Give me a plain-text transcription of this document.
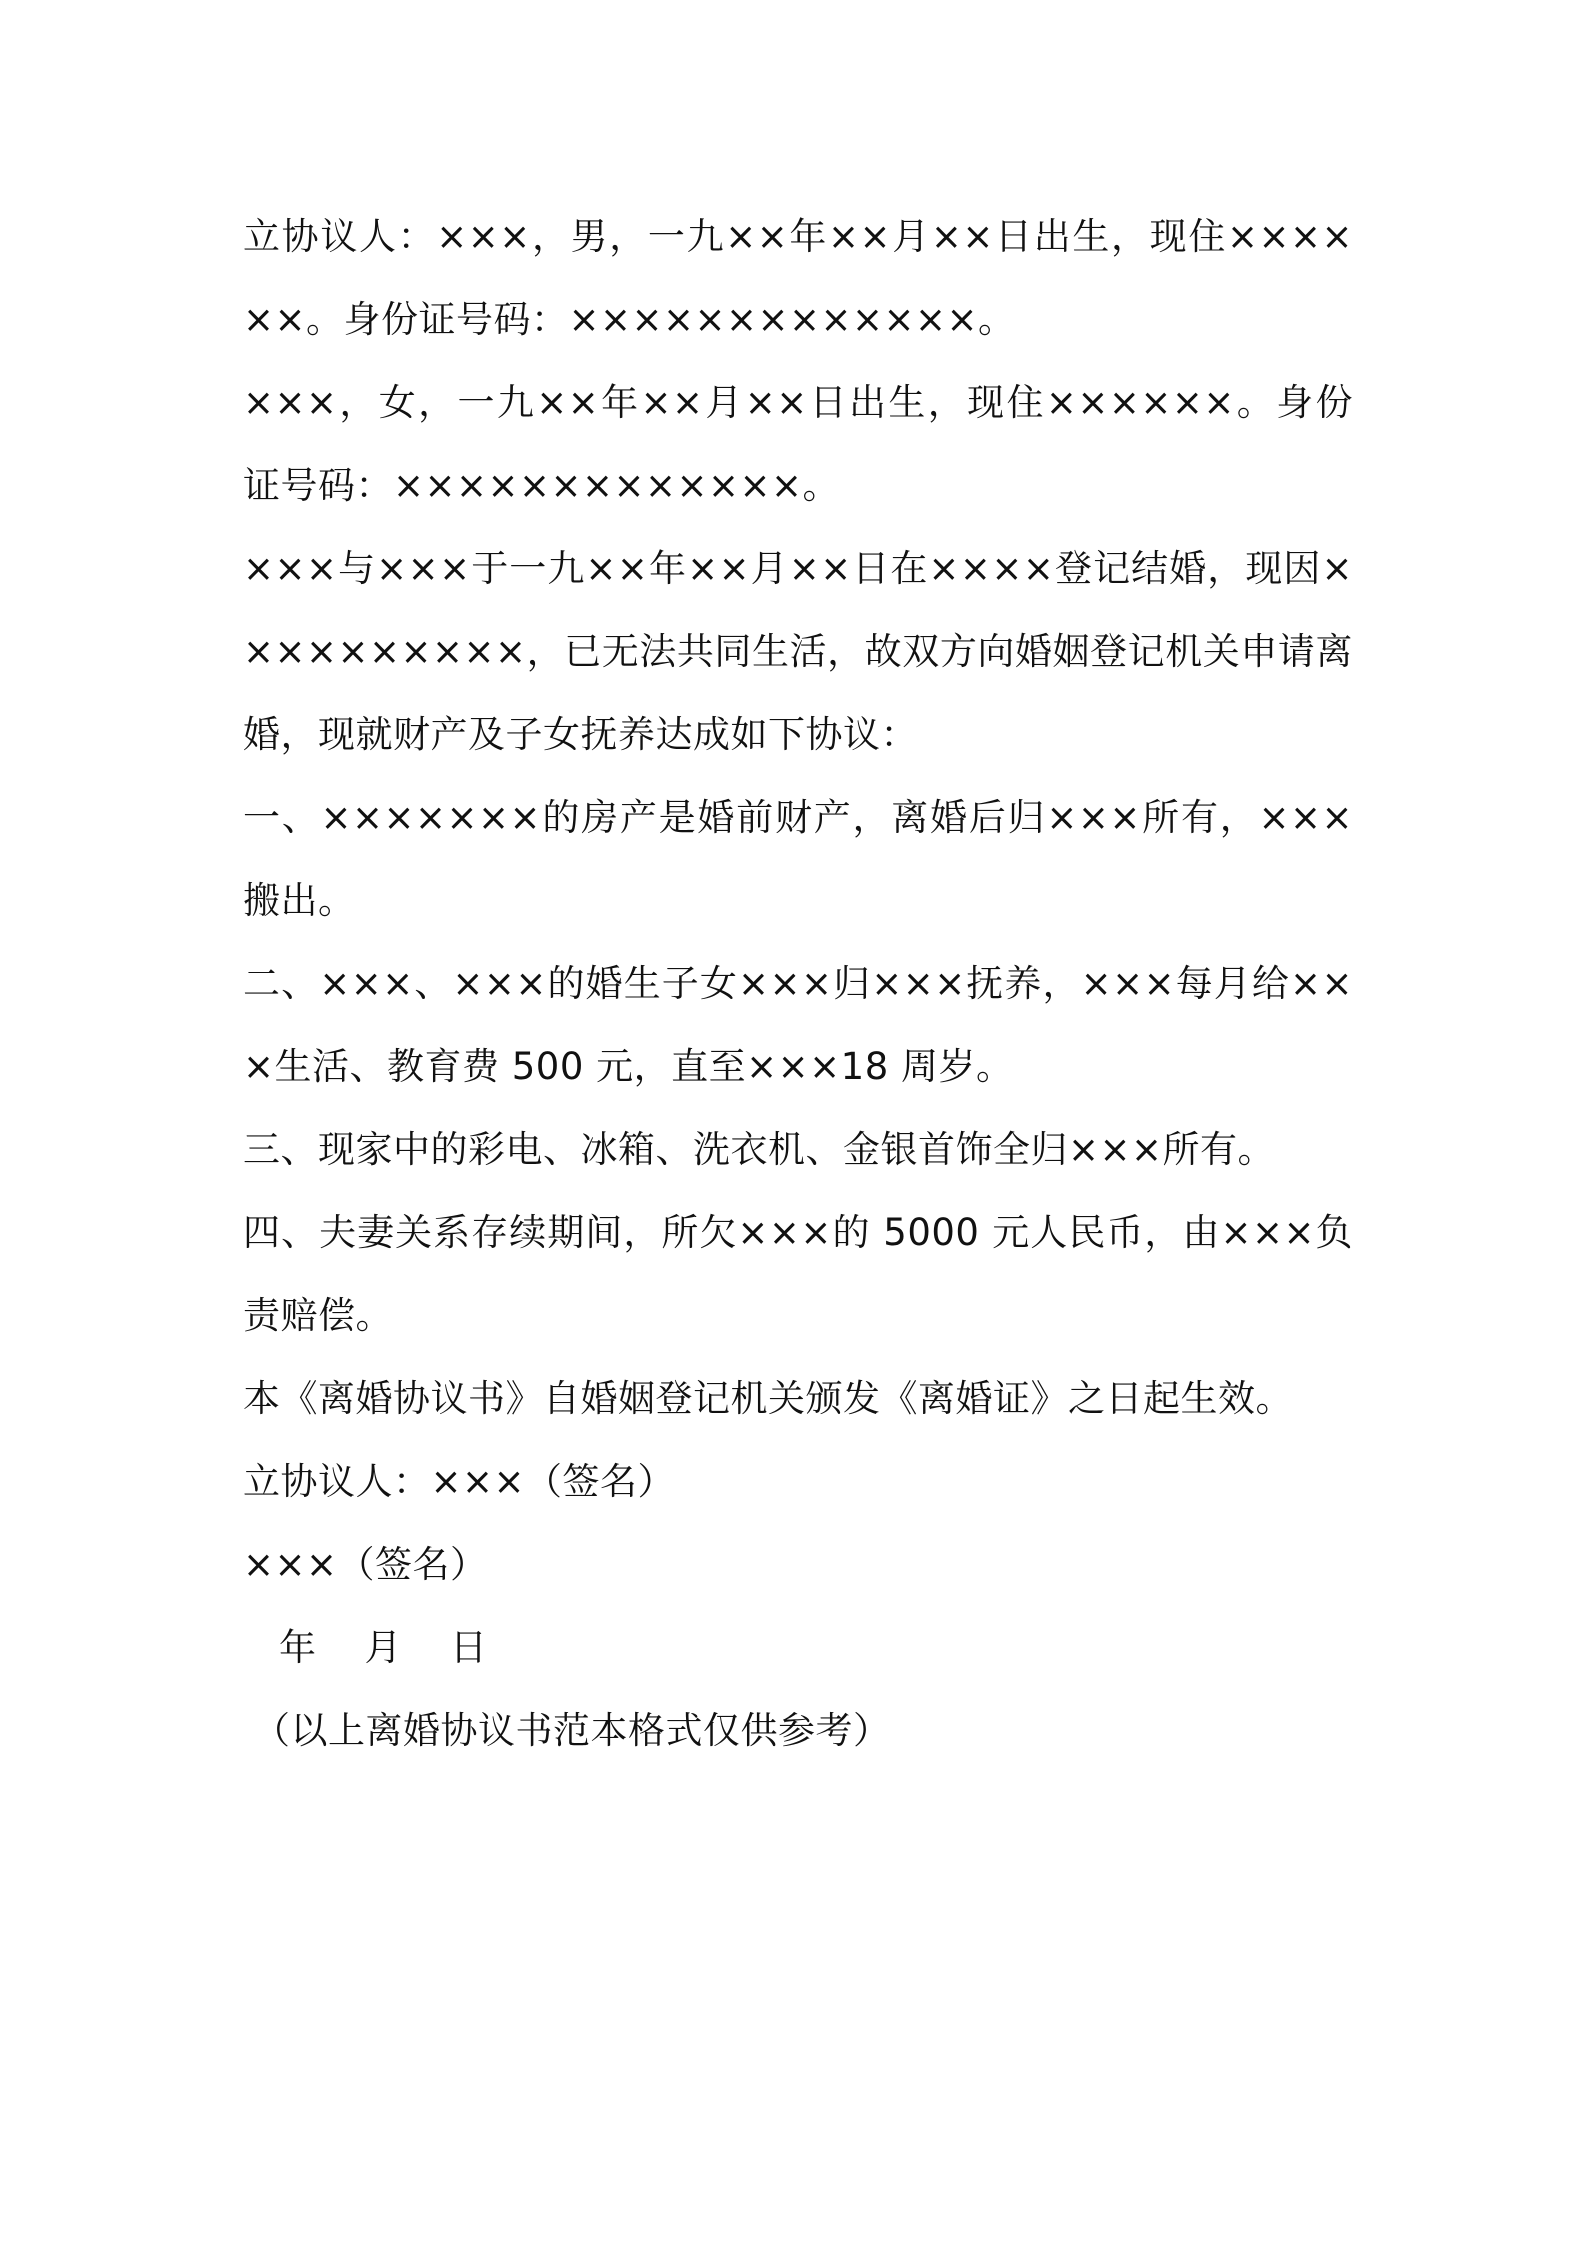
立协议人：×××，男，一九××年××月××日出生，现住××××××。身份证号码：×××××××××××××。

×××，女，一九××年××月××日出生，现住××××××。身份证号码：×××××××××××××。

×××与×××于一九××年××月××日在××××登记结婚，现因××××××××××，已无法共同生活，故双方向婚姻登记机关申请离婚，现就财产及子女抚养达成如下协议：

一、×××××××的房产是婚前财产，离婚后归×××所有，×××搬出。

二、×××、×××的婚生子女×××归×××抚养，×××每月给×××生活、教育费 500 元，直至×××18 周岁。

三、现家中的彩电、冰箱、洗衣机、金银首饰全归×××所有。

四、夫妻关系存续期间，所欠×××的 5000 元人民币，由×××负责赔偿。

本《离婚协议书》自婚姻登记机关颁发《离婚证》之日起生效。

立协议人：×××（签名）

×××（签名）

年 月 日

（以上离婚协议书范本格式仅供参考）
